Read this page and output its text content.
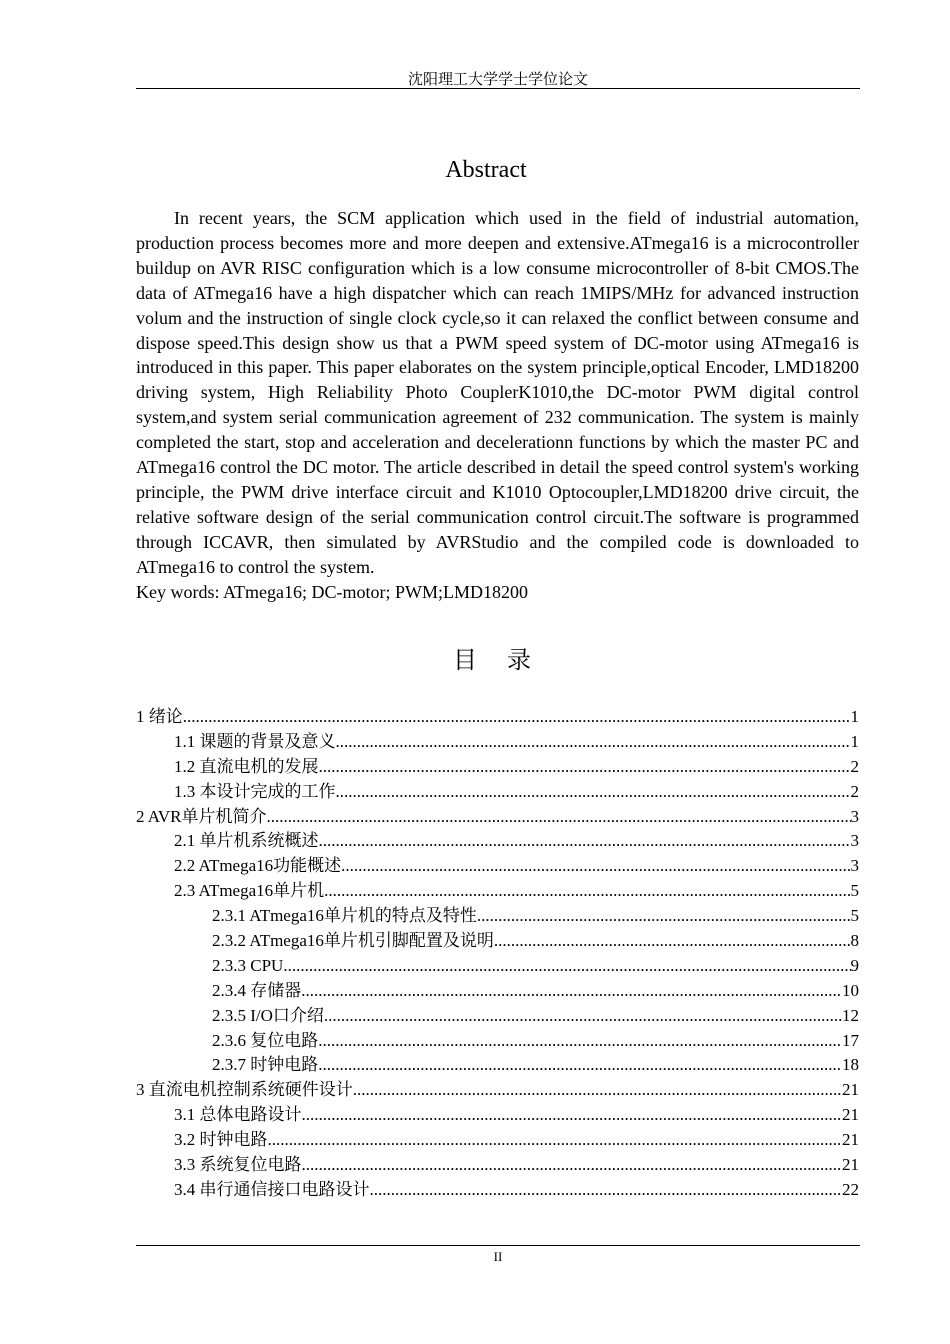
沈阳理工大学学士学位论文
Abstract

In recent years, the SCM application which used in the field of industrial automation, production process becomes more and more deepen and extensive.ATmega16 is a microcontroller buildup on AVR RISC configuration which is a low consume microcontroller of 8-bit CMOS.The data of ATmega16 have a high dispatcher which can reach 1MIPS/MHz for advanced instruction volum and the instruction of single clock cycle,so it can relaxed the conflict between consume and dispose speed.This design show us that a PWM speed system of DC-motor using ATmega16 is introduced in this paper. This paper elaborates on the system principle,optical Encoder, LMD18200 driving system, High Reliability Photo CouplerK1010,the DC-motor PWM digital control system,and system serial communication agreement of 232 communication. The system is mainly completed the start, stop and acceleration and decelerationn functions by which the master PC and ATmega16 control the DC motor. The article described in detail the speed control system's working principle, the PWM drive interface circuit and K1010 Optocoupler,LMD18200 drive circuit, the relative software design of the serial communication control circuit.The software is programmed through ICCAVR, then simulated by AVRStudio and the compiled code is downloaded to ATmega16 to control the system.

Key words: ATmega16; DC-motor; PWM;LMD18200
目 录
1 绪论 .....	1
1.1 课题的背景及意义 .....	1
1.2 直流电机的发展 .....	2
1.3 本设计完成的工作 .....	2
2 AVR单片机简介 .....	3
2.1 单片机系统概述 .....	3
2.2 ATmega16功能概述 .....	3
2.3 ATmega16单片机 .....	5
2.3.1 ATmega16单片机的特点及特性 .....	5
2.3.2 ATmega16单片机引脚配置及说明 .....	8
2.3.3 CPU .....	9
2.3.4 存储器 .....	10
2.3.5 I/O口介绍 .....	12
2.3.6 复位电路 .....	17
2.3.7 时钟电路 .....	18
3 直流电机控制系统硬件设计 .....	21
3.1 总体电路设计 .....	21
3.2 时钟电路 .....	21
3.3 系统复位电路 .....	21
3.4 串行通信接口电路设计 .....	22
II
